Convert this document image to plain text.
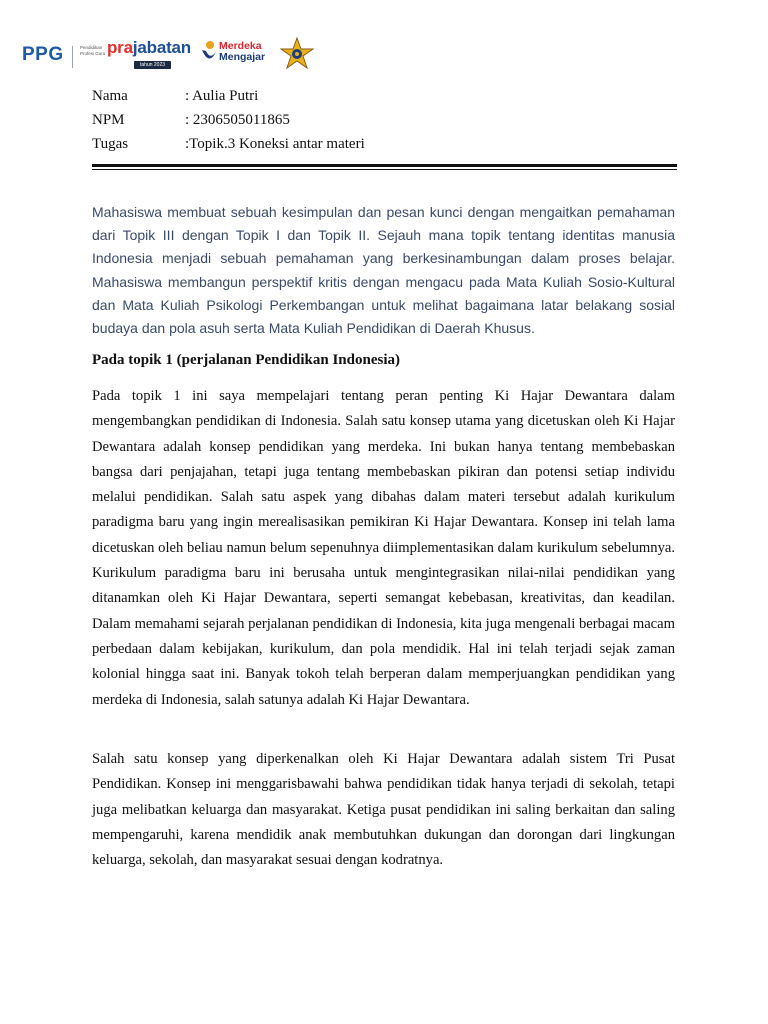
PPG	Pendidikan Profesi Guru prajabatan
tahun 2023
Merdeka
Mengajar
Nama	: Aulia Putri
NPM	: 2306505011865
Tugas	:Topik.3 Koneksi antar materi

Mahasiswa membuat sebuah kesimpulan dan pesan kunci dengan mengaitkan pemahaman dari Topik III dengan Topik I dan Topik II. Sejauh mana topik tentang identitas manusia Indonesia menjadi sebuah pemahaman yang berkesinambungan dalam proses belajar. Mahasiswa membangun perspektif kritis dengan mengacu pada Mata Kuliah Sosio-Kultural dan Mata Kuliah Psikologi Perkembangan untuk melihat bagaimana latar belakang sosial budaya dan pola asuh serta Mata Kuliah Pendidikan di Daerah Khusus.

Pada topik 1 (perjalanan Pendidikan Indonesia)

Pada topik 1 ini saya mempelajari tentang peran penting Ki Hajar Dewantara dalam mengembangkan pendidikan di Indonesia. Salah satu konsep utama yang dicetuskan oleh Ki Hajar Dewantara adalah konsep pendidikan yang merdeka. Ini bukan hanya tentang membebaskan bangsa dari penjajahan, tetapi juga tentang membebaskan pikiran dan potensi setiap individu melalui pendidikan. Salah satu aspek yang dibahas dalam materi tersebut adalah kurikulum paradigma baru yang ingin merealisasikan pemikiran Ki Hajar Dewantara. Konsep ini telah lama dicetuskan oleh beliau namun belum sepenuhnya diimplementasikan dalam kurikulum sebelumnya. Kurikulum paradigma baru ini berusaha untuk mengintegrasikan nilai-nilai pendidikan yang ditanamkan oleh Ki Hajar Dewantara, seperti semangat kebebasan, kreativitas, dan keadilan. Dalam memahami sejarah perjalanan pendidikan di Indonesia, kita juga mengenali berbagai macam perbedaan dalam kebijakan, kurikulum, dan pola mendidik. Hal ini telah terjadi sejak zaman kolonial hingga saat ini. Banyak tokoh telah berperan dalam memperjuangkan pendidikan yang merdeka di Indonesia, salah satunya adalah Ki Hajar Dewantara.

Salah satu konsep yang diperkenalkan oleh Ki Hajar Dewantara adalah sistem Tri Pusat Pendidikan. Konsep ini menggarisbawahi bahwa pendidikan tidak hanya terjadi di sekolah, tetapi juga melibatkan keluarga dan masyarakat. Ketiga pusat pendidikan ini saling berkaitan dan saling mempengaruhi, karena mendidik anak membutuhkan dukungan dan dorongan dari lingkungan keluarga, sekolah, dan masyarakat sesuai dengan kodratnya.
